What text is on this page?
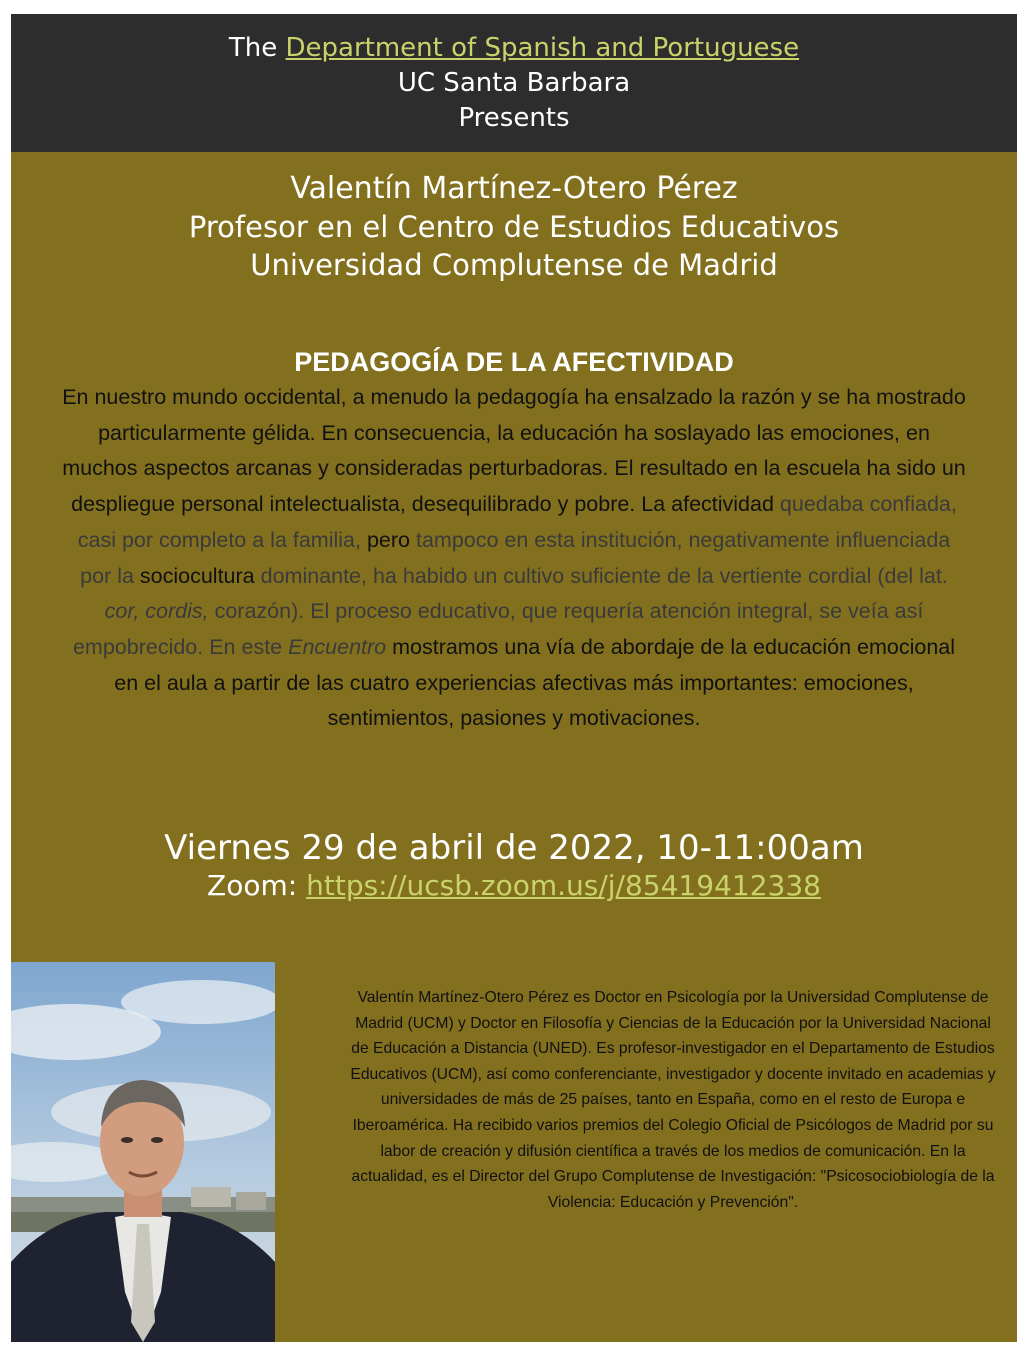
The Department of Spanish and Portuguese
UC Santa Barbara
Presents
Valentín Martínez-Otero Pérez
Profesor en el Centro de Estudios Educativos
Universidad Complutense de Madrid
PEDAGOGÍA DE LA AFECTIVIDAD

En nuestro mundo occidental, a menudo la pedagogía ha ensalzado la razón y se ha mostrado particularmente gélida. En consecuencia, la educación ha soslayado las emociones, en muchos aspectos arcanas y consideradas perturbadoras. El resultado en la escuela ha sido un despliegue personal intelectualista, desequilibrado y pobre. La afectividad quedaba confiada, casi por completo a la familia, pero tampoco en esta institución, negativamente influenciada por la sociocultura dominante, ha habido un cultivo suficiente de la vertiente cordial (del lat. cor, cordis, corazón). El proceso educativo, que requería atención integral, se veía así empobrecido. En este Encuentro mostramos una vía de abordaje de la educación emocional en el aula a partir de las cuatro experiencias afectivas más importantes: emociones, sentimientos, pasiones y motivaciones.

Viernes 29 de abril de 2022, 10-11:00am
Zoom: https://ucsb.zoom.us/j/85419412338

Valentín Martínez-Otero Pérez es Doctor en Psicología por la Universidad Complutense de Madrid (UCM) y Doctor en Filosofía y Ciencias de la Educación por la Universidad Nacional de Educación a Distancia (UNED). Es profesor-investigador en el Departamento de Estudios Educativos (UCM), así como conferenciante, investigador y docente invitado en academias y universidades de más de 25 países, tanto en España, como en el resto de Europa e Iberoamérica. Ha recibido varios premios del Colegio Oficial de Psicólogos de Madrid por su labor de creación y difusión científica a través de los medios de comunicación. En la actualidad, es el Director del Grupo Complutense de Investigación: "Psicosociobiología de la Violencia: Educación y Prevención".
